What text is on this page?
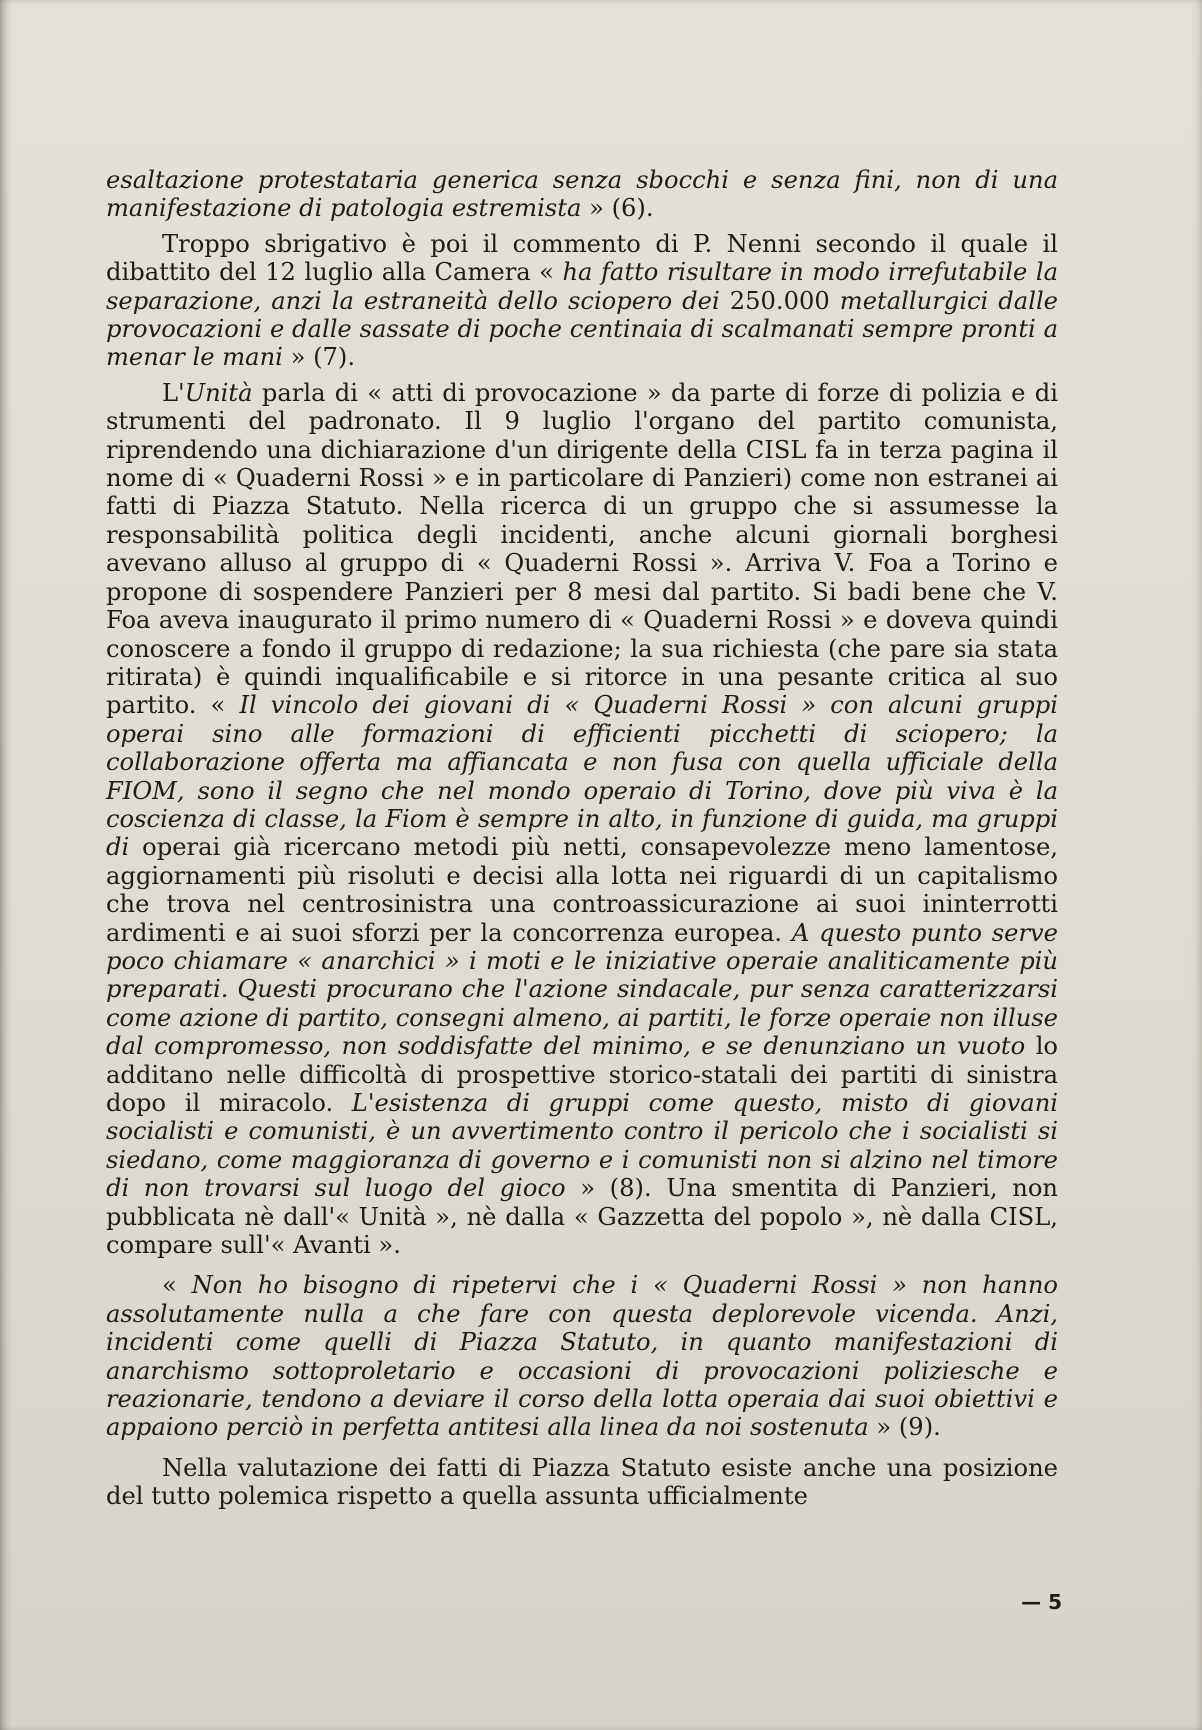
esaltazione protestataria generica senza sbocchi e senza fini, non di una manifestazione di patologia estremista » (6).

Troppo sbrigativo è poi il commento di P. Nenni secondo il quale il dibattito del 12 luglio alla Camera « ha fatto risultare in modo irrefutabile la separazione, anzi la estraneità dello sciopero dei 250.000 metallurgici dalle provocazioni e dalle sassate di poche centinaia di scalmanati sempre pronti a menar le mani » (7).

L'Unità parla di « atti di provocazione » da parte di forze di polizia e di strumenti del padronato. Il 9 luglio l'organo del partito comunista, riprendendo una dichiarazione d'un dirigente della CISL fa in terza pagina il nome di « Quaderni Rossi » e in particolare di Panzieri) come non estranei ai fatti di Piazza Statuto. Nella ricerca di un gruppo che si assumesse la responsabilità politica degli incidenti, anche alcuni giornali borghesi avevano alluso al gruppo di « Quaderni Rossi ». Arriva V. Foa a Torino e propone di sospendere Panzieri per 8 mesi dal partito. Si badi bene che V. Foa aveva inaugurato il primo numero di « Quaderni Rossi » e doveva quindi conoscere a fondo il gruppo di redazione; la sua richiesta (che pare sia stata ritirata) è quindi inqualificabile e si ritorce in una pesante critica al suo partito. « Il vincolo dei giovani di « Quaderni Rossi » con alcuni gruppi operai sino alle formazioni di efficienti picchetti di sciopero; la collaborazione offerta ma affiancata e non fusa con quella ufficiale della FIOM, sono il segno che nel mondo operaio di Torino, dove più viva è la coscienza di classe, la Fiom è sempre in alto, in funzione di guida, ma gruppi di operai già ricercano metodi più netti, consapevolezze meno lamentose, aggiornamenti più risoluti e decisi alla lotta nei riguardi di un capitalismo che trova nel centrosinistra una controassicurazione ai suoi ininterrotti ardimenti e ai suoi sforzi per la concorrenza europea. A questo punto serve poco chiamare « anarchici » i moti e le iniziative operaie analiticamente più preparati. Questi procurano che l'azione sindacale, pur senza caratterizzarsi come azione di partito, consegni almeno, ai partiti, le forze operaie non illuse dal compromesso, non soddisfatte del minimo, e se denunziano un vuoto lo additano nelle difficoltà di prospettive storico-statali dei partiti di sinistra dopo il miracolo. L'esistenza di gruppi come questo, misto di giovani socialisti e comunisti, è un avvertimento contro il pericolo che i socialisti si siedano, come maggioranza di governo e i comunisti non si alzino nel timore di non trovarsi sul luogo del gioco » (8). Una smentita di Panzieri, non pubblicata nè dall'« Unità », nè dalla « Gazzetta del popolo », nè dalla CISL, compare sull'« Avanti ».

« Non ho bisogno di ripetervi che i « Quaderni Rossi » non hanno assolutamente nulla a che fare con questa deplorevole vicenda. Anzi, incidenti come quelli di Piazza Statuto, in quanto manifestazioni di anarchismo sottoproletario e occasioni di provocazioni poliziesche e reazionarie, tendono a deviare il corso della lotta operaia dai suoi obiettivi e appaiono perciò in perfetta antitesi alla linea da noi sostenuta » (9).

Nella valutazione dei fatti di Piazza Statuto esiste anche una posizione del tutto polemica rispetto a quella assunta ufficialmente

— 5
